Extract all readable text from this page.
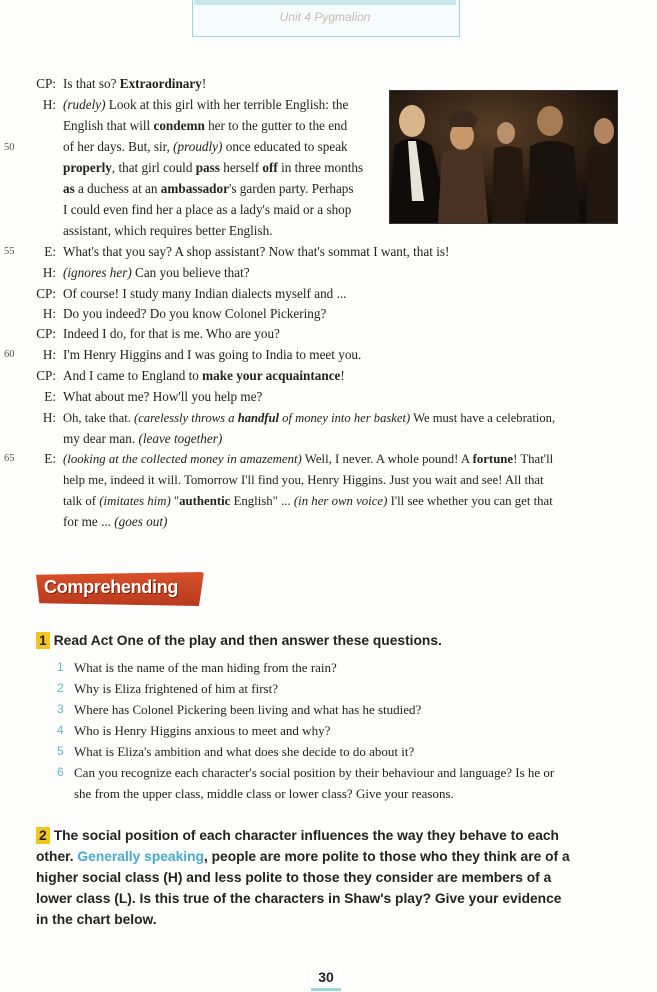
Unit 4 Pygmalion
50
55
60
65
CP: Is that so? Extraordinary!
H: (rudely) Look at this girl with her terrible English: the
English that will condemn her to the gutter to the end
of her days. But, sir, (proudly) once educated to speak
properly, that girl could pass herself off in three months
as a duchess at an ambassador's garden party. Perhaps
I could even find her a place as a lady's maid or a shop
assistant, which requires better English.
E: What's that you say? A shop assistant? Now that's sommat I want, that is!
H: (ignores her) Can you believe that?
CP: Of course! I study many Indian dialects myself and ...
H: Do you indeed? Do you know Colonel Pickering?
CP: Indeed I do, for that is me. Who are you?
H: I'm Henry Higgins and I was going to India to meet you.
CP: And I came to England to make your acquaintance!
E: What about me? How'll you help me?
H: Oh, take that. (carelessly throws a handful of money into her basket) We must have a celebration,
my dear man. (leave together)
E: (looking at the collected money in amazement) Well, I never. A whole pound! A fortune! That'll
help me, indeed it will. Tomorrow I'll find you, Henry Higgins. Just you wait and see! All that
talk of (imitates him) "authentic English" ... (in her own voice) I'll see whether you can get that
for me ... (goes out)
Comprehending
1 Read Act One of the play and then answer these questions.
1 What is the name of the man hiding from the rain?
2 Why is Eliza frightened of him at first?
3 Where has Colonel Pickering been living and what has he studied?
4 Who is Henry Higgins anxious to meet and why?
5 What is Eliza's ambition and what does she decide to do about it?
6 Can you recognize each character's social position by their behaviour and language? Is he or
she from the upper class, middle class or lower class? Give your reasons.
2 The social position of each character influences the way they behave to each
other. Generally speaking, people are more polite to those who they think are of a
higher social class (H) and less polite to those they consider are members of a
lower class (L). Is this true of the characters in Shaw's play? Give your evidence
in the chart below.
30
